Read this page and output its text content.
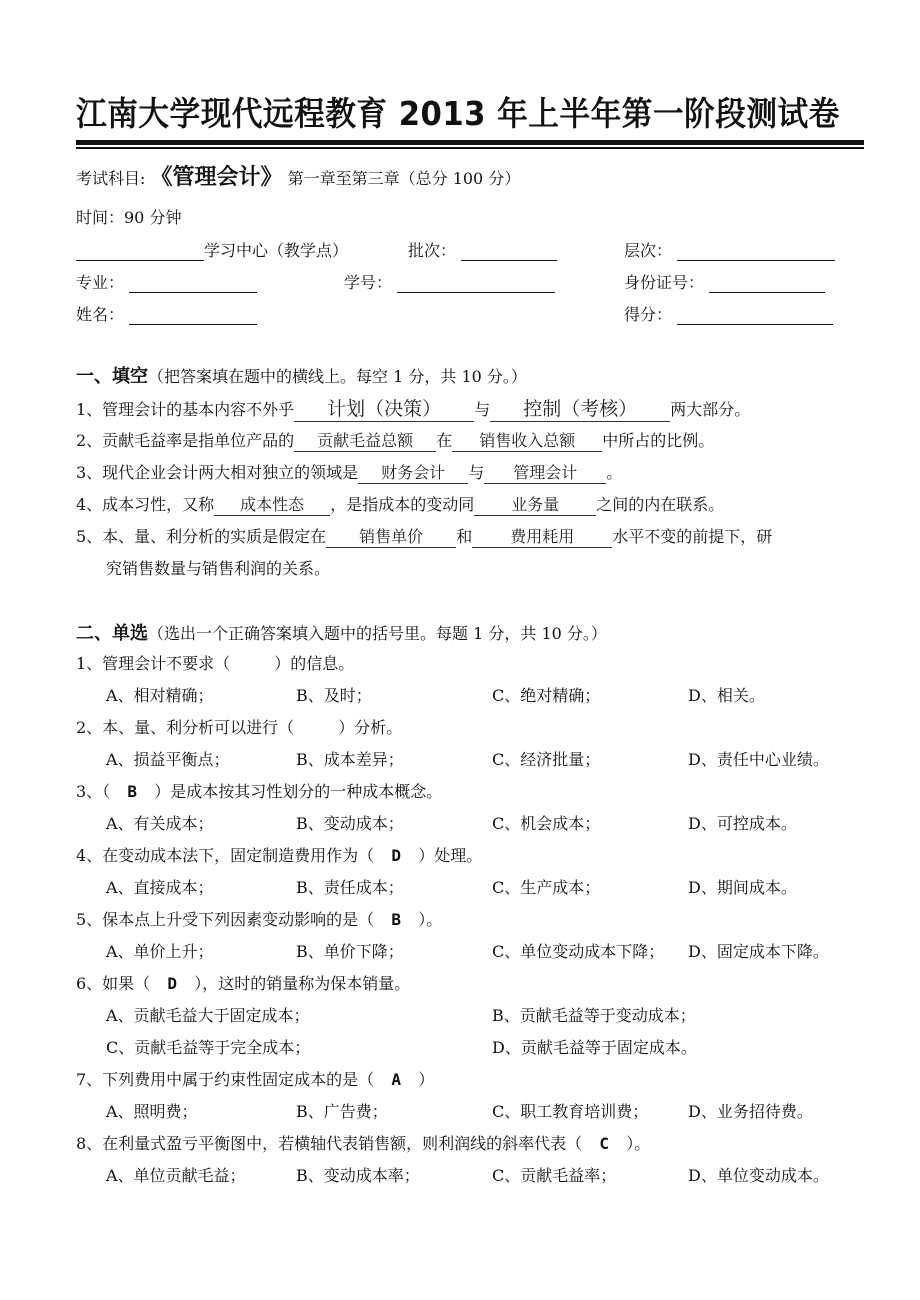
江南大学现代远程教育 2013 年上半年第一阶段测试卷
考试科目: 《管理会计》 第一章至第三章（总分 100 分）
时间：90 分钟
学习中心（教学点）	批次：	层次：
专业：	学号：	身份证号：
姓名：	得分：
一、填空（把答案填在题中的横线上。每空 1 分，共 10 分。）
1、管理会计的基本内容不外乎 计划（决策） 与 控制（考核） 两大部分。
2、贡献毛益率是指单位产品的 贡献毛益总额 在 销售收入总额 中所占的比例。
3、现代企业会计两大相对独立的领域是 财务会计 与 管理会计 。
4、成本习性，又称 成本性态 ，是指成本的变动同 业务量 之间的内在联系。
5、本、量、利分析的实质是假定在 销售单价 和 费用耗用 水平不变的前提下，研
究销售数量与销售利润的关系。
二、单选（选出一个正确答案填入题中的括号里。每题 1 分，共 10 分。）
1、管理会计不要求（	）的信息。
A、相对精确；	B、及时；	C、绝对精确；	D、相关。
2、本、量、利分析可以进行（	）分析。
A、损益平衡点；	B、成本差异；	C、经济批量；	D、责任中心业绩。
3、（ B ）是成本按其习性划分的一种成本概念。
A、有关成本；	B、变动成本；	C、机会成本；	D、可控成本。
4、在变动成本法下，固定制造费用作为（ D ）处理。
A、直接成本；	B、责任成本；	C、生产成本；	D、期间成本。
5、保本点上升受下列因素变动影响的是（ B ）。
A、单价上升；	B、单价下降；	C、单位变动成本下降； D、固定成本下降。
6、如果（ D ），这时的销量称为保本销量。
A、贡献毛益大于固定成本；	B、贡献毛益等于变动成本；
C、贡献毛益等于完全成本；	D、贡献毛益等于固定成本。
7、下列费用中属于约束性固定成本的是（ A ）
A、照明费；	B、广告费；	C、职工教育培训费； D、业务招待费。
8、在利量式盈亏平衡图中，若横轴代表销售额，则利润线的斜率代表（ C ）。
A、单位贡献毛益；	B、变动成本率；	C、贡献毛益率；	D、单位变动成本。
